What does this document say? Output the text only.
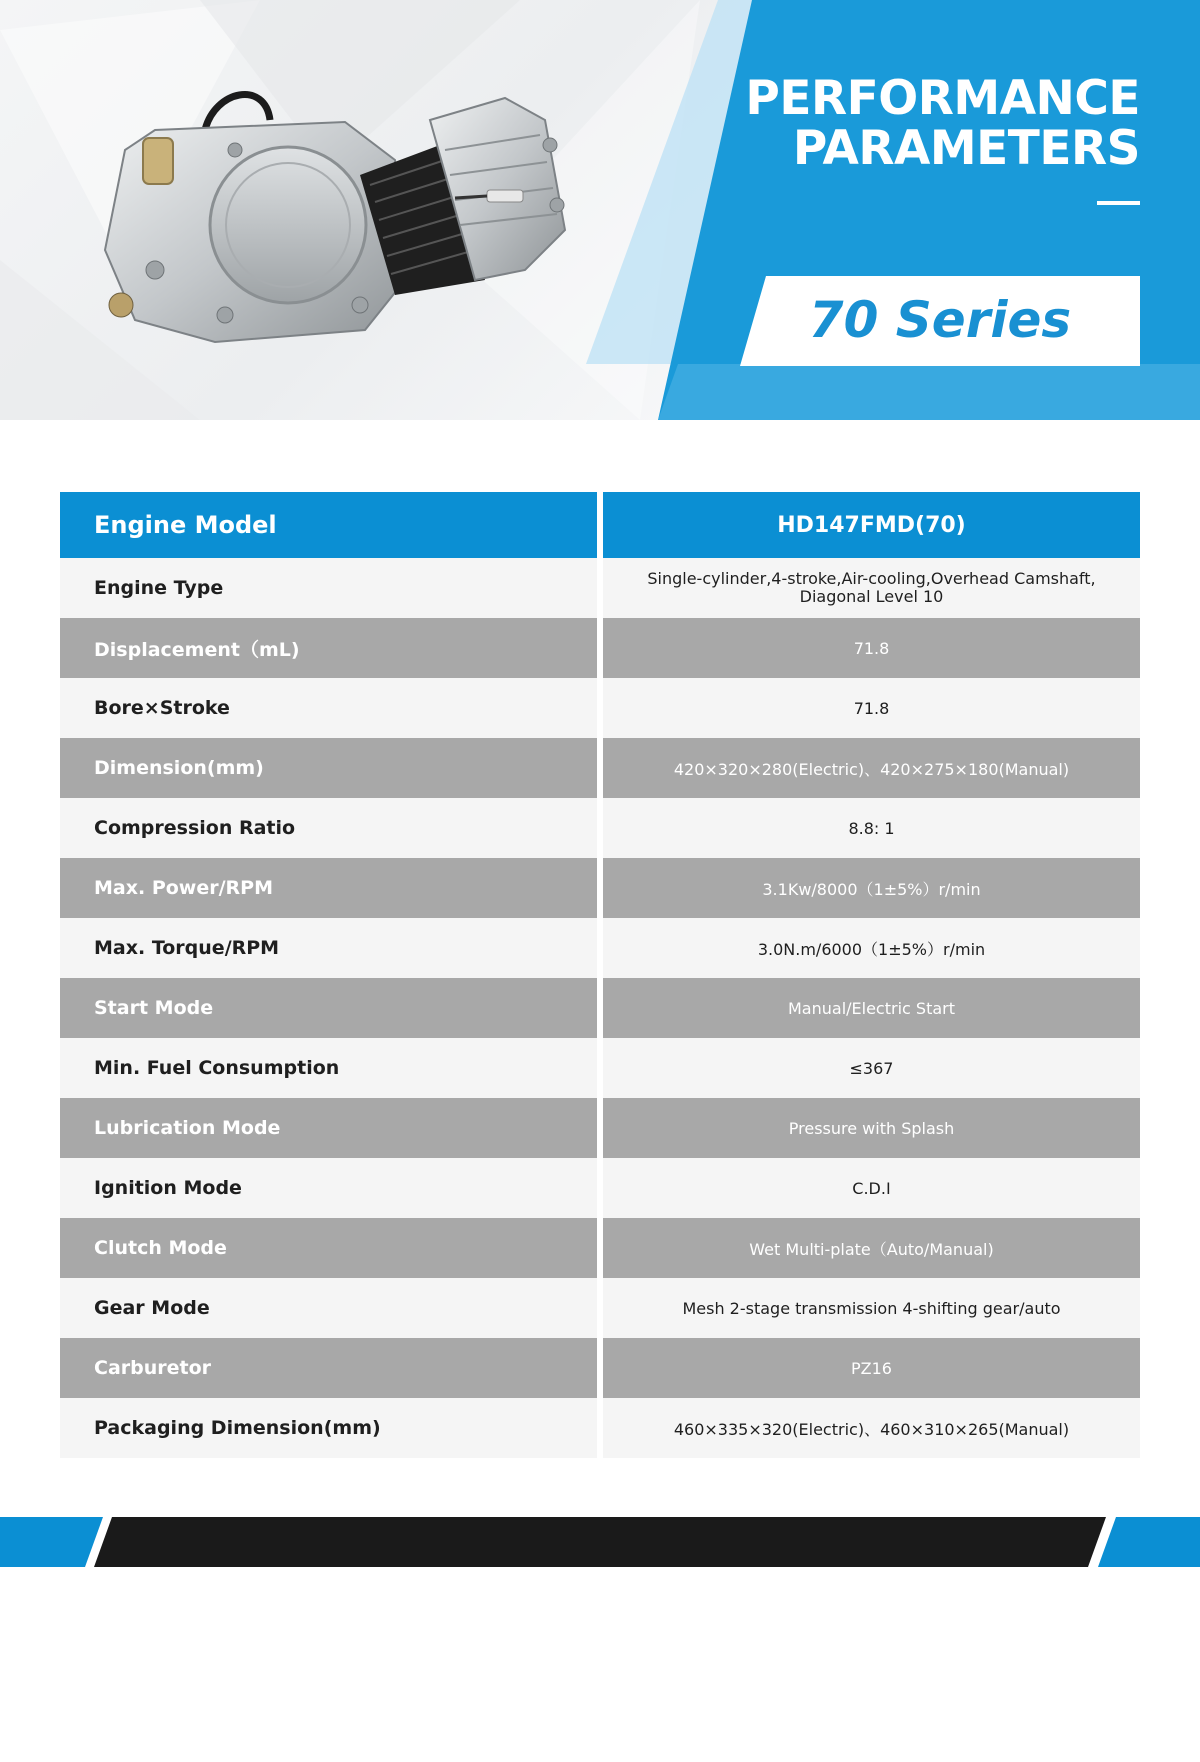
PERFORMANCE
PARAMETERS
70 Series
Engine Model	HD147FMD(70)
Engine Type	Single-cylinder,4-stroke,Air-cooling,Overhead Camshaft, Diagonal Level 10
Displacement（mL)	71.8
Bore×Stroke	71.8
Dimension(mm)	420×320×280(Electric)、420×275×180(Manual)
Compression Ratio	8.8: 1
Max. Power/RPM	3.1Kw/8000（1±5%）r/min
Max. Torque/RPM	3.0N.m/6000（1±5%）r/min
Start Mode	Manual/Electric Start
Min. Fuel Consumption	≤367
Lubrication Mode	Pressure with Splash
Ignition Mode	C.D.I
Clutch Mode	Wet Multi-plate（Auto/Manual)
Gear Mode	Mesh 2-stage transmission 4-shifting gear/auto
Carburetor	PZ16
Packaging Dimension(mm)	460×335×320(Electric)、460×310×265(Manual)
